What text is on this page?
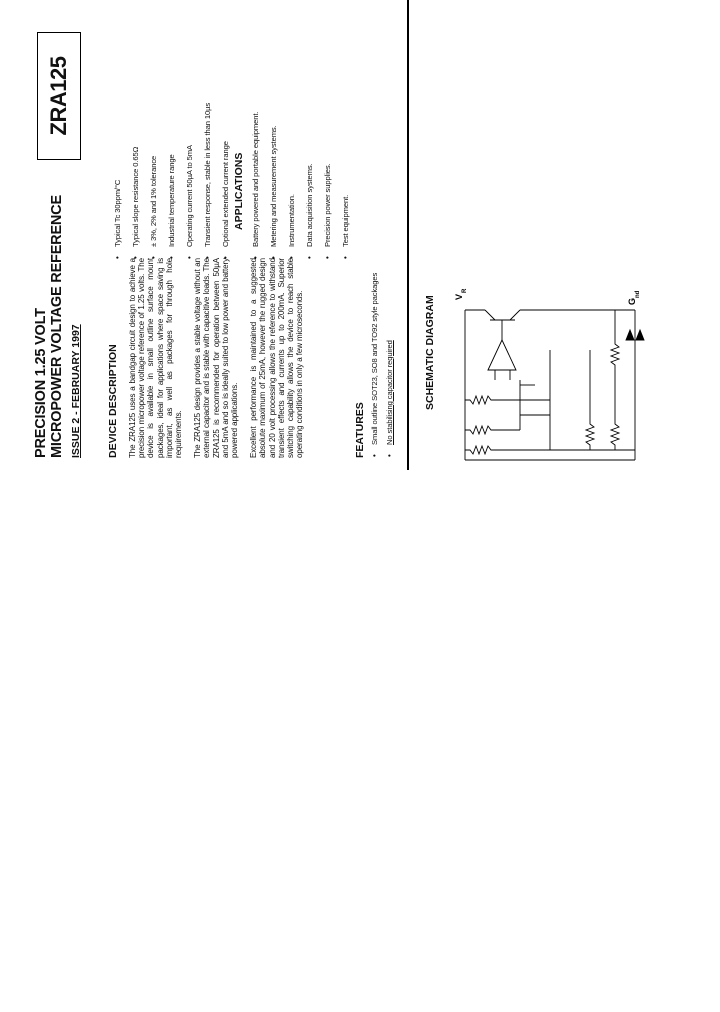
PRECISION 1.25 VOLT MICROPOWER VOLTAGE REFERENCE ISSUE 2 - FEBRUARY 1997
ZRA125
DEVICE DESCRIPTION The ZRA125 uses a bandgap circuit design to achieve a precision micropower voltage reference of 1.25 volts. The device is available in small outline surface mount packages, ideal for applications where space saving is important, as well as packages for through hole requirements. The ZRA125 design provides a stable voltage without an external capacitor and is stable with capacitive loads. The ZRA125 is recommended for operation between 50µA and 5mA and so is ideally suited to low power and battery powered applications. Excellent performance is maintained to a suggested absolute maximum of 25mA, however the rugged design and 20 volt processing allows the reference to withstand transient effects and currents up to 200mA. Superior switching capability allows the device to reach stable operating conditions in only a few microseconds.	FEATURES • Small outline SOT23, SO8 and TO92 style packages • No stabilising capacitor required
• Typical Tc 30ppm/°C • Typical slope resistance 0.65Ω • ± 3%, 2% and 1% tolerance • Industrial temperature range • Operating current 50µA to 5mA • Transient response, stable in less than 10µs • Optional extended current range APPLICATIONS • Battery powered and portable equipment. • Metering and measurement systems. • Instrumentation. • Data acquisition systems. • Precision power supplies. • Test equipment.
SCHEMATIC DIAGRAM V
R
G
nd
